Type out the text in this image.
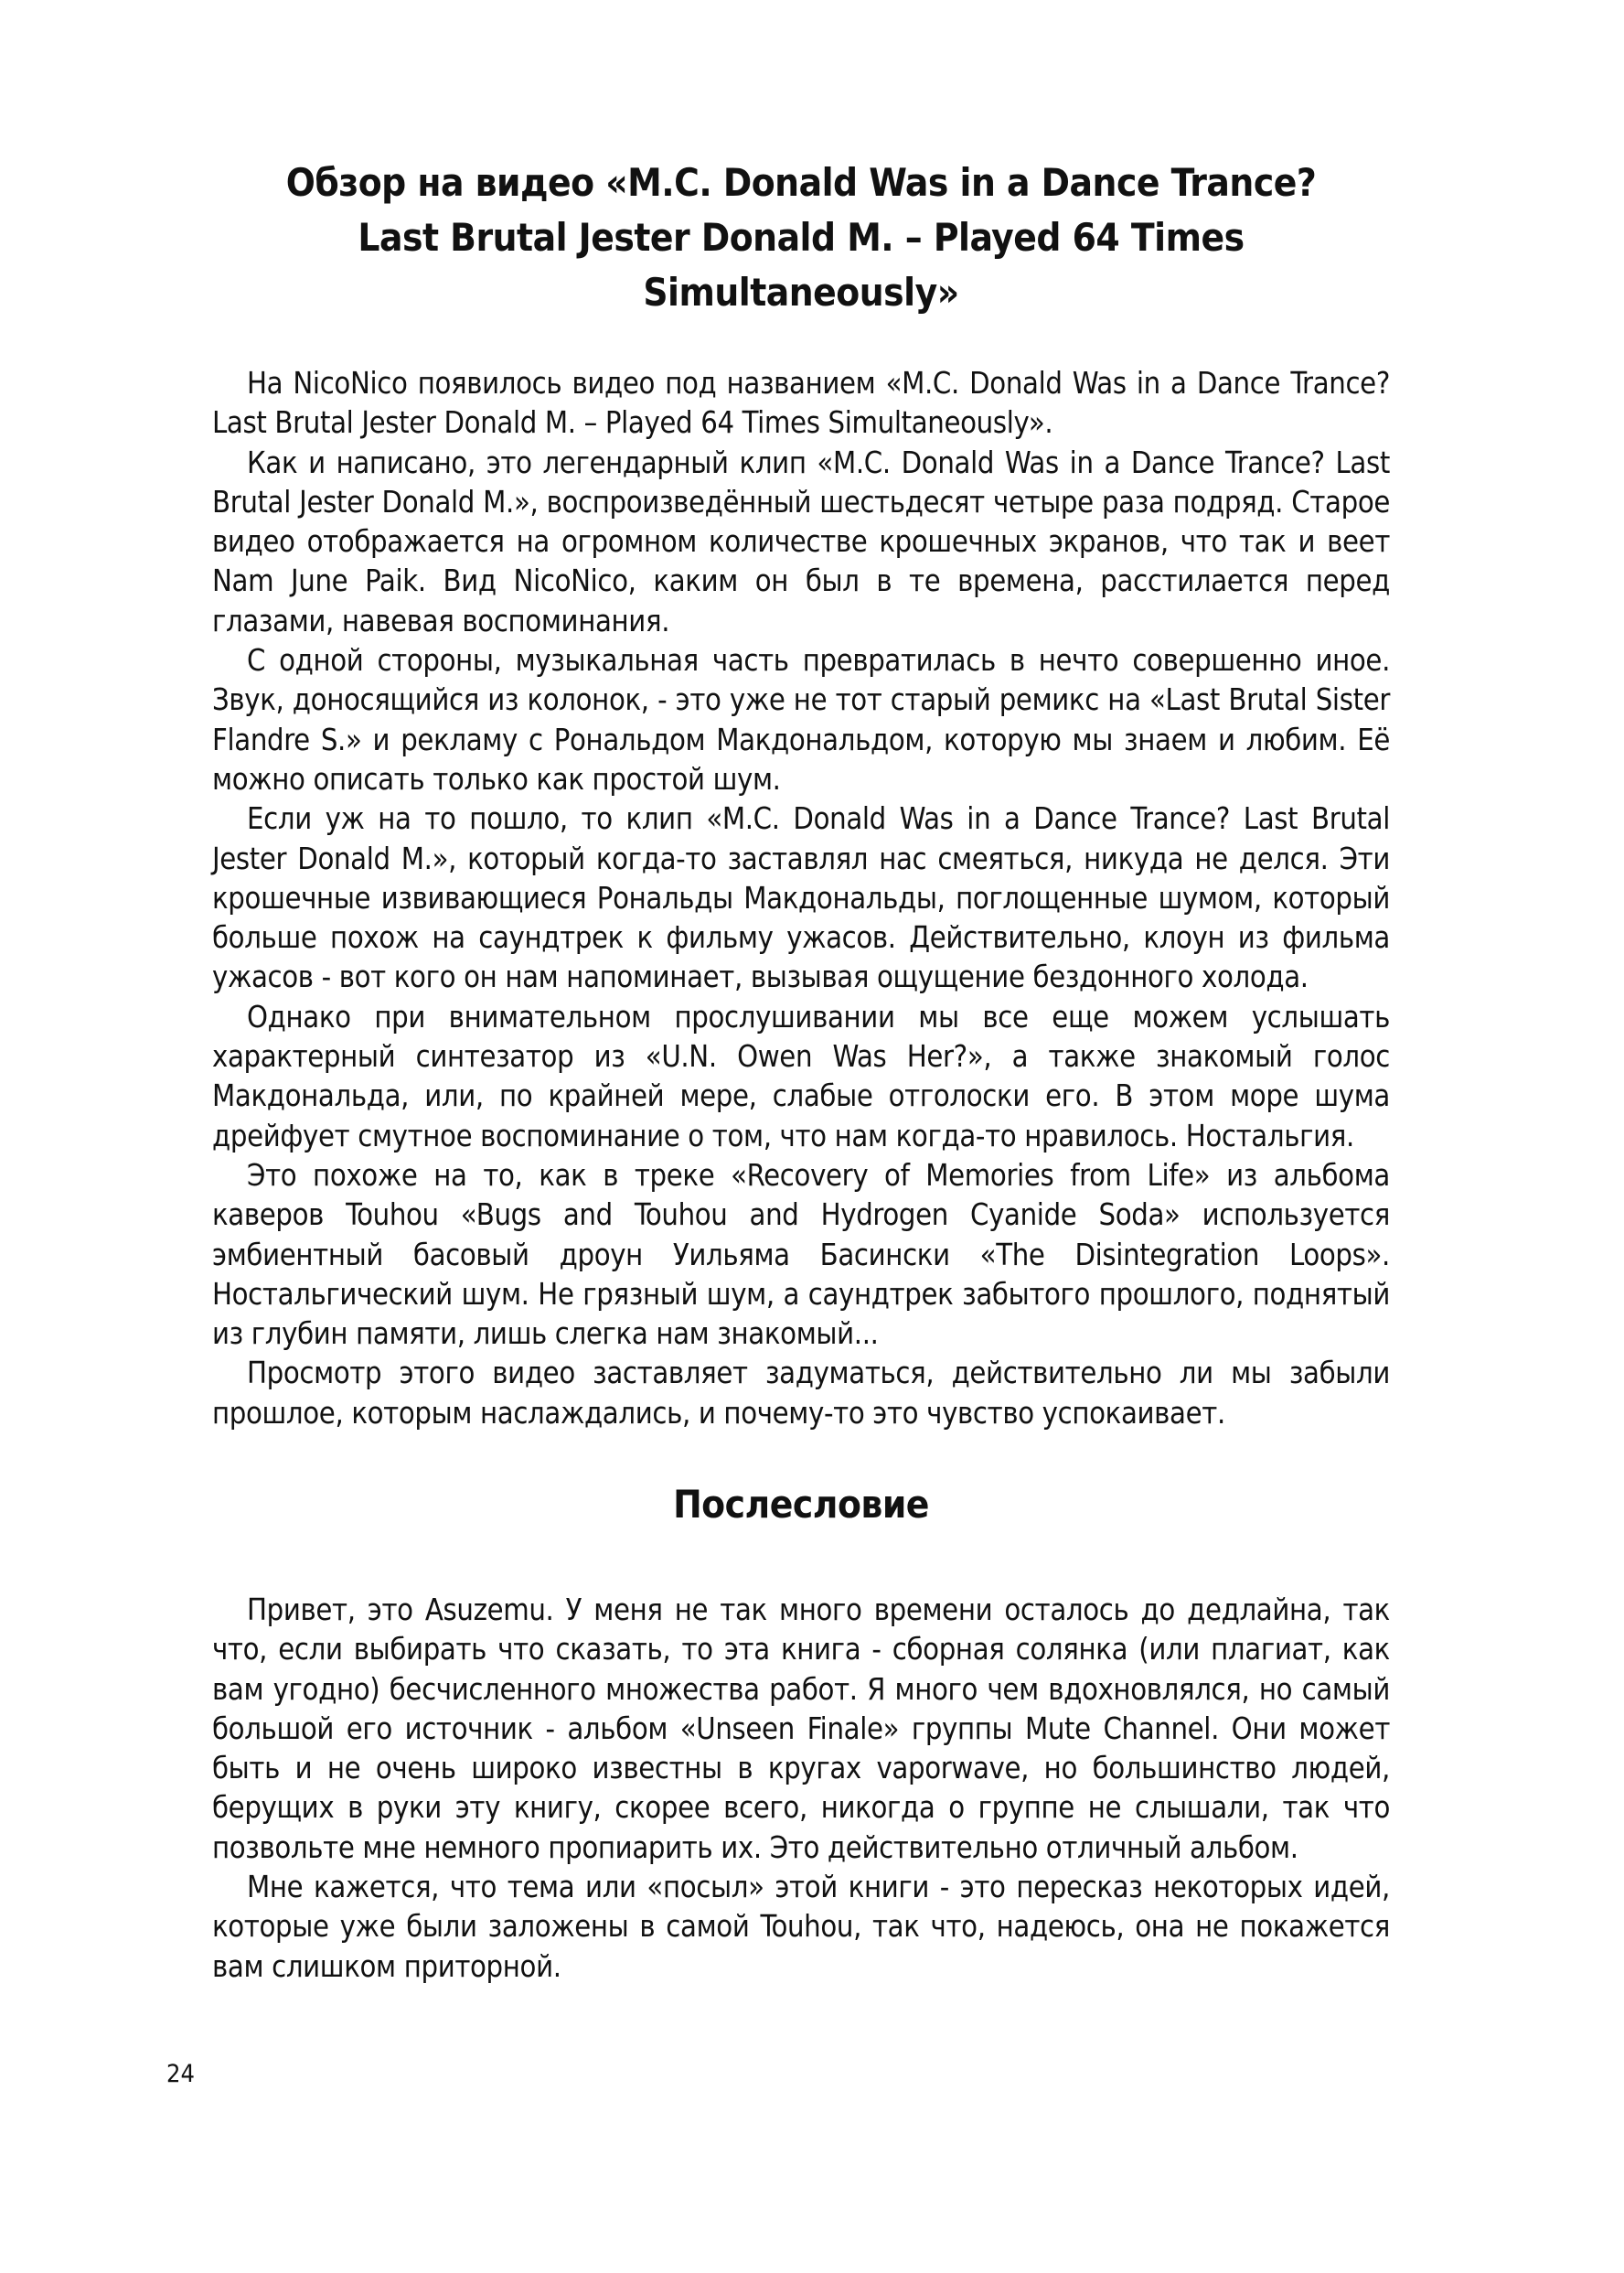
Обзор на видео «M.C. Donald Was in a Dance Trance?
Last Brutal Jester Donald M. – Played 64 Times Simultaneously»

На NicoNico появилось видео под названием «M.C. Donald Was in a Dance Trance? Last Brutal Jester Donald M. – Played 64 Times Simultaneously».

Как и написано, это легендарный клип «M.C. Donald Was in a Dance Trance? Last Brutal Jester Donald M.», воспроизведённый шестьдесят четыре раза подряд. Старое видео отображается на огромном количестве крошечных экранов, что так и веет Nam June Paik. Вид NicoNico, каким он был в те времена, расстилается перед глазами, навевая воспоминания.

С одной стороны, музыкальная часть превратилась в нечто совершенно иное. Звук, доносящийся из колонок, - это уже не тот старый ремикс на «Last Brutal Sister Flandre S.» и рекламу с Рональдом Макдональдом, которую мы знаем и любим. Её можно описать только как простой шум.

Если уж на то пошло, то клип «M.C. Donald Was in a Dance Trance? Last Brutal Jester Donald M.», который когда-то заставлял нас смеяться, никуда не делся. Эти крошечные извивающиеся Рональды Макдональды, поглощенные шумом, который больше похож на саундтрек к фильму ужасов. Действительно, клоун из фильма ужасов - вот кого он нам напоминает, вызывая ощущение бездонного холода.

Однако при внимательном прослушивании мы все еще можем услышать характерный синтезатор из «U.N. Owen Was Her?», а также знакомый голос Макдональда, или, по крайней мере, слабые отголоски его. В этом море шума дрейфует смутное воспоминание о том, что нам когда-то нравилось. Ностальгия.

Это похоже на то, как в треке «Recovery of Memories from Life» из альбома каверов Touhou «Bugs and Touhou and Hydrogen Cyanide Soda» используется эмбиентный басовый дроун Уильяма Басински «The Disintegration Loops». Ностальгический шум. Не грязный шум, а саундтрек забытого прошлого, поднятый из глубин памяти, лишь слегка нам знакомый...

Просмотр этого видео заставляет задуматься, действительно ли мы забыли прошлое, которым наслаждались, и почему-то это чувство успокаивает.

Послесловие

Привет, это Asuzemu. У меня не так много времени осталось до дедлайна, так что, если выбирать что сказать, то эта книга - сборная солянка (или плагиат, как вам угодно) бесчисленного множества работ. Я много чем вдохновлялся, но самый большой его источник - альбом «Unseen Finale» группы Mute Channel. Они может быть и не очень широко известны в кругах vaporwave, но большинство людей, берущих в руки эту книгу, скорее всего, никогда о группе не слышали, так что позвольте мне немного пропиарить их. Это действительно отличный альбом.

Мне кажется, что тема или «посыл» этой книги - это пересказ некоторых идей, которые уже были заложены в самой Touhou, так что, надеюсь, она не покажется вам слишком приторной.

24
